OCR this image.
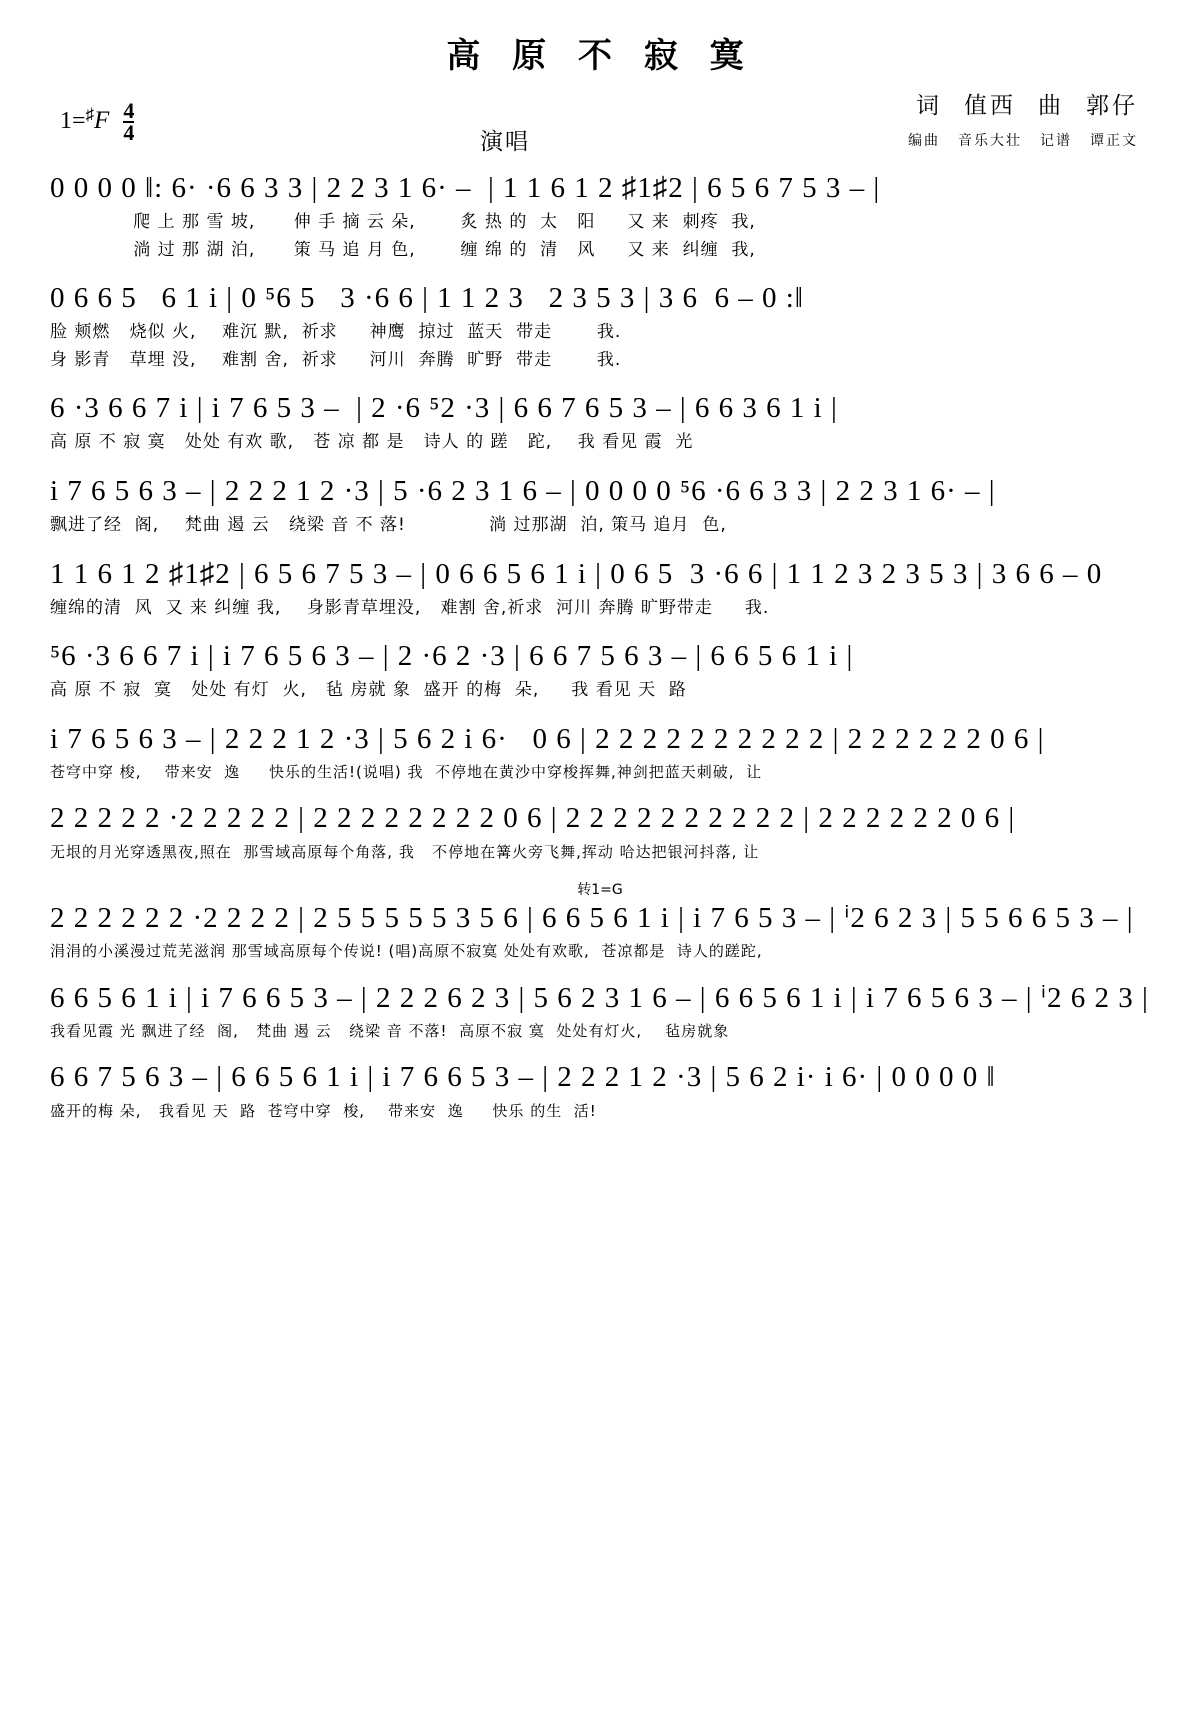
高 原 不 寂 寞
$1=^♯F \frac{4}{4}$	演唱
词 值西 曲 郭仔
编曲 音乐大壮 记谱 谭正文
0 0 0 0 ‖: 6· ·6 6 3 3 | 2 2 3 1 6· –  | 1 1 6 1 2 ♯1♯2 | 6 5 6 7 5 3 – |
爬 上 那 雪 坡,      伸 手 摘 云 朵,       炙 热 的  太   阳     又 来  刺疼  我,
淌 过 那 湖 泊,      策 马 追 月 色,       缠 绵 的  清   风     又 来  纠缠  我,
0 6 6 5   6 1 i | 0 ⁵6 5   3 ·6 6 | 1 1 2 3   2 3 5 3 | 3 6  6 – 0 :‖
脸 颊燃   烧似 火,    难沉 默,  祈求     神鹰  掠过  蓝天  带走       我.
身 影青   草埋 没,    难割 舍,  祈求     河川  奔腾  旷野  带走       我.
6 ·3 6 6 7 i | i 7 6 5 3 –  | 2 ·6 ⁵2 ·3 | 6 6 7 6 5 3 – | 6 6 3 6 1 i |
高 原 不 寂 寞   处处 有欢 歌,   苍 凉 都 是   诗人 的 蹉   跎,    我 看见 霞  光
i 7 6 5 6 3 – | 2 2 2 1 2 ·3 | 5 ·6 2 3 1 6 – | 0 0 0 0 ⁵6 ·6 6 3 3 | 2 2 3 1 6· – |
飘进了经  阁,    梵曲 遏 云   绕梁 音 不 落!             淌 过那湖  泊, 策马 追月  色,
1 1 6 1 2 ♯1♯2 | 6 5 6 7 5 3 – | 0 6 6 5 6 1 i | 0 6 5  3 ·6 6 | 1 1 2 3 2 3 5 3 | 3 6 6 – 0
缠绵的清  风  又 来 纠缠 我,    身影青草埋没,   难割 舍,祈求  河川 奔腾 旷野带走     我.
⁵6 ·3 6 6 7 i | i 7 6 5 6 3 – | 2 ·6 2 ·3 | 6 6 7 5 6 3 – | 6 6 5 6 1 i |
高 原 不 寂  寞   处处 有灯  火,   毡 房就 象  盛开 的梅  朵,     我 看见 天  路
i 7 6 5 6 3 – | 2 2 2 1 2 ·3 | 5 6 2 i 6·   0 6 | 2 2 2 2 2 2 2 2 2 2 | 2 2 2 2 2 2 0 6 |
苍穹中穿 梭,    带来安  逸     快乐的生活!(说唱) 我  不停地在黄沙中穿梭挥舞,神剑把蓝天刺破,  让
2 2 2 2 2 ·2 2 2 2 2 | 2 2 2 2 2 2 2 2 0 6 | 2 2 2 2 2 2 2 2 2 2 | 2 2 2 2 2 2 0 6 |
无垠的月光穿透黑夜,照在  那雪域高原每个角落, 我   不停地在篝火旁飞舞,挥动 哈达把银河抖落, 让
转1=G
2 2 2 2 2 2 ·2 2 2 2 | 2 5 5 5 5 5 3 5 6 | 6 6 5 6 1 i | i 7 6 5 3 – | ⁱ2 6 2 3 | 5 5 6 6 5 3 – |
涓涓的小溪漫过荒芜滋润 那雪域高原每个传说! (唱)高原不寂寞 处处有欢歌,  苍凉都是  诗人的蹉跎,
6 6 5 6 1 i | i 7 6 6 5 3 – | 2 2 2 6 2 3 | 5 6 2 3 1 6 – | 6 6 5 6 1 i | i 7 6 5 6 3 – | ⁱ2 6 2 3 |
我看见霞 光 飘进了经  阁,   梵曲 遏 云   绕梁 音 不落!  高原不寂 寞  处处有灯火,    毡房就象
6 6 7 5 6 3 – | 6 6 5 6 1 i | i 7 6 6 5 3 – | 2 2 2 1 2 ·3 | 5 6 2 i· i 6· | 0 0 0 0 ‖
盛开的梅 朵,   我看见 天  路  苍穹中穿  梭,    带来安  逸     快乐 的生  活!
